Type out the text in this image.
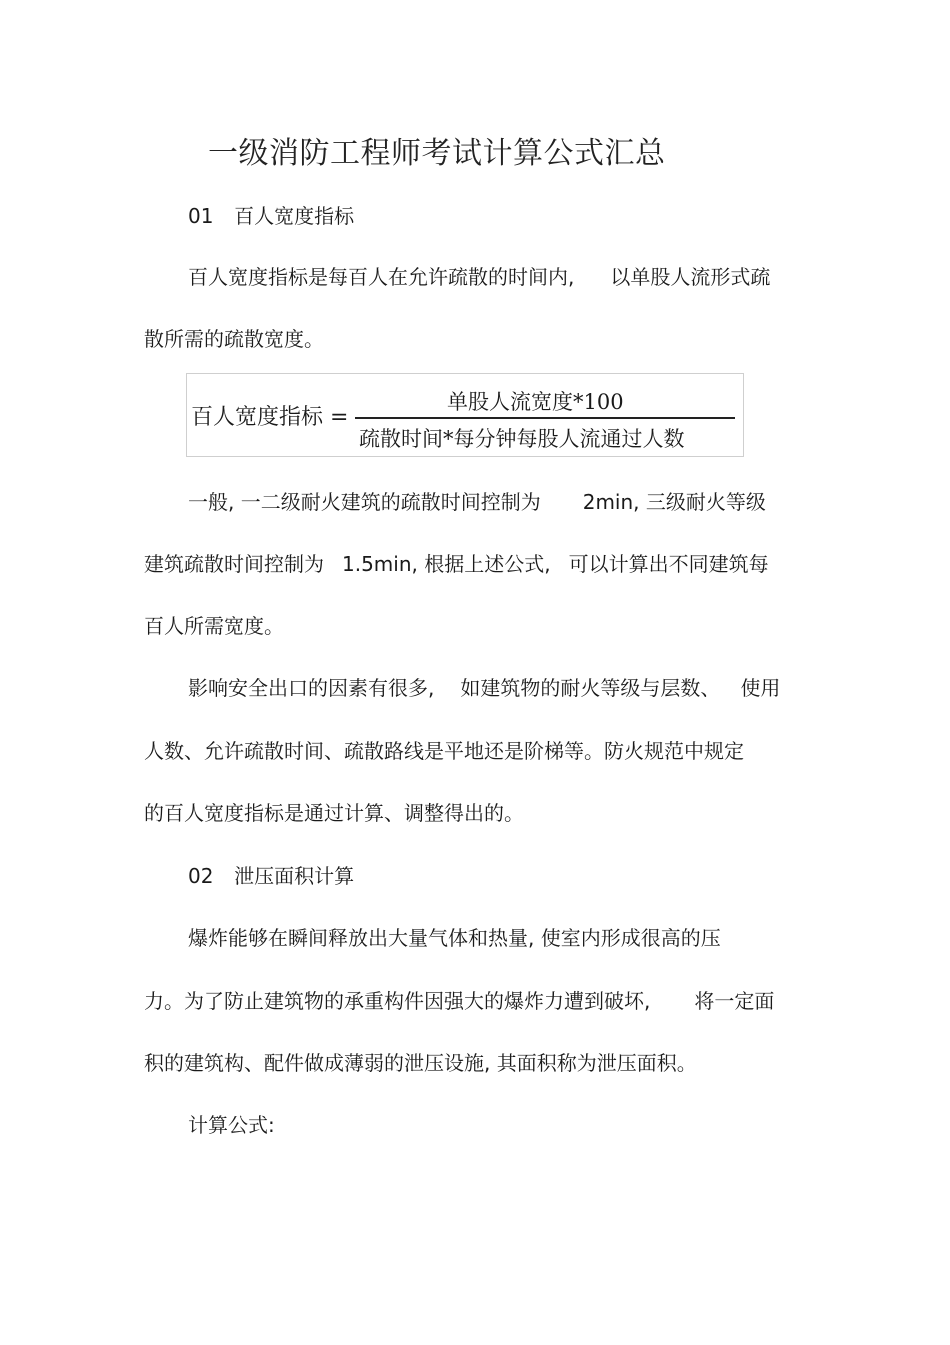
一级消防工程师考试计算公式汇总
01 百人宽度指标
百人宽度指标是每百人在允许疏散的时间内, 以单股人流形式疏
散所需的疏散宽度。
百人宽度指标 =
单股人流宽度*100
疏散时间*每分钟每股人流通过人数
一般, 一二级耐火建筑的疏散时间控制为 2min, 三级耐火等级
建筑疏散时间控制为 1.5min, 根据上述公式, 可以计算出不同建筑每
百人所需宽度。
影响安全出口的因素有很多, 如建筑物的耐火等级与层数、 使用
人数、允许疏散时间、疏散路线是平地还是阶梯等。防火规范中规定
的百人宽度指标是通过计算、调整得出的。
02 泄压面积计算
爆炸能够在瞬间释放出大量气体和热量, 使室内形成很高的压
力。为了防止建筑物的承重构件因强大的爆炸力遭到破坏, 将一定面
积的建筑构、配件做成薄弱的泄压设施, 其面积称为泄压面积。
计算公式:
